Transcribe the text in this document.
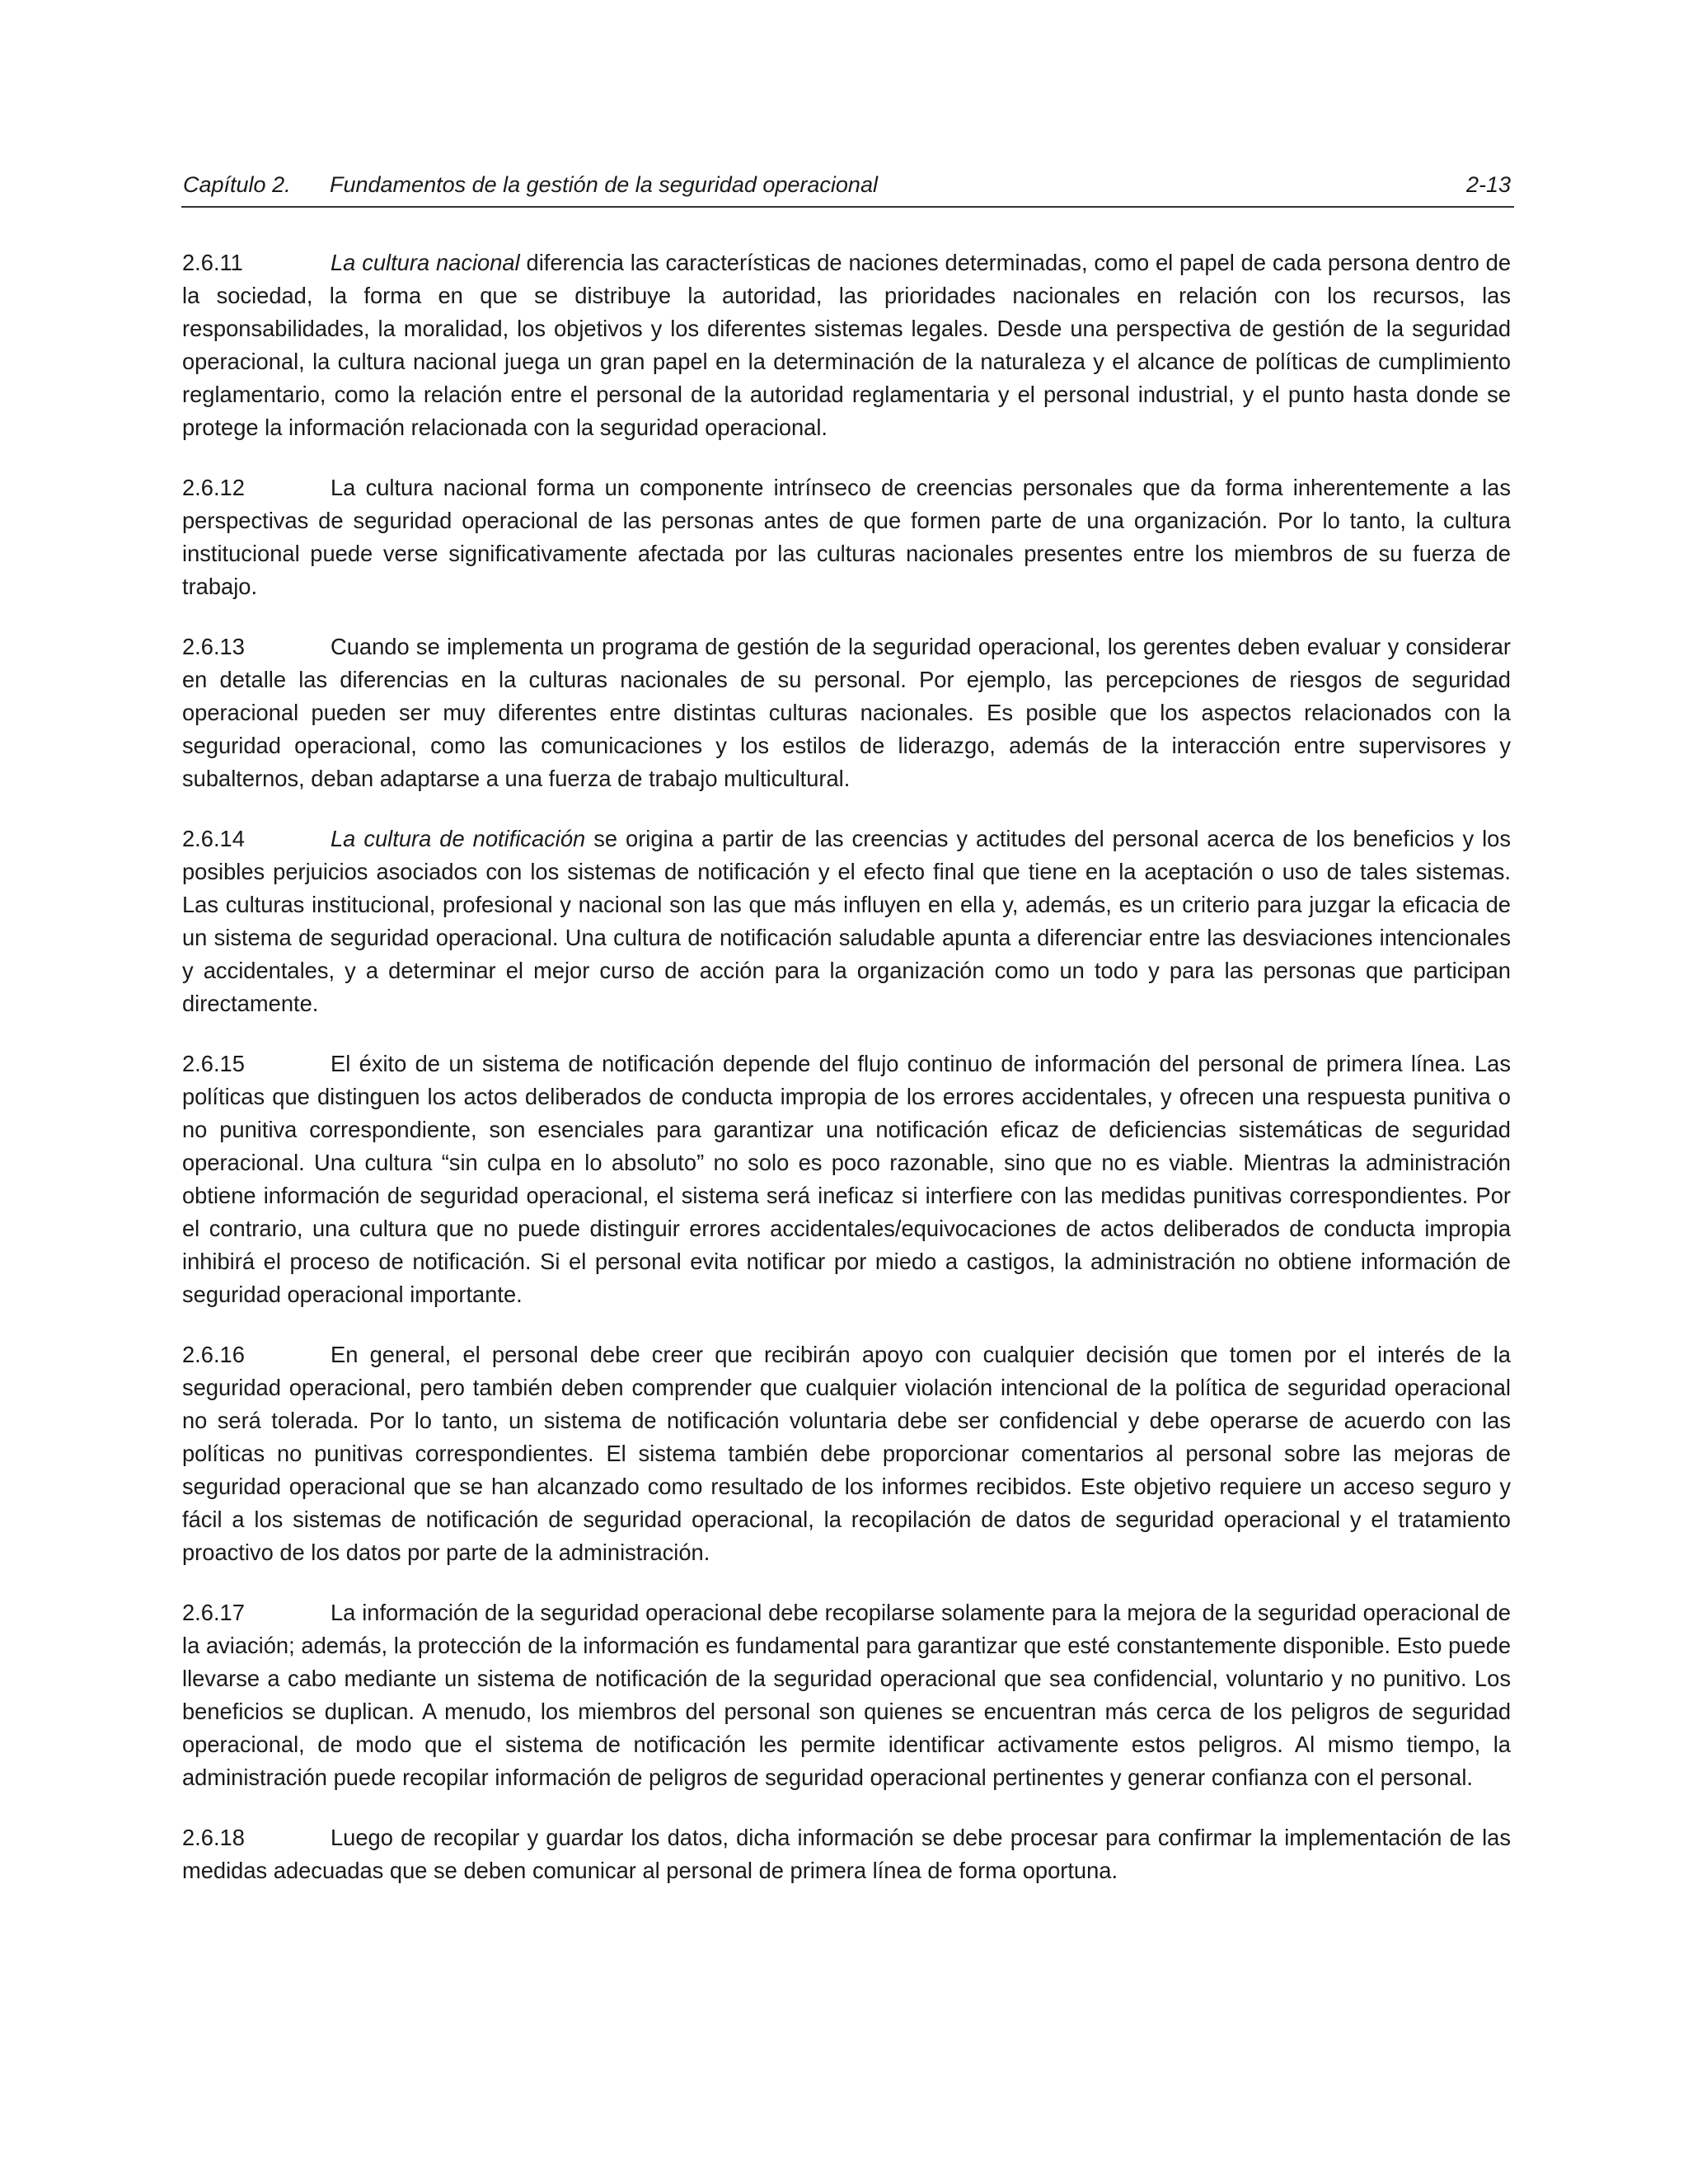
Capítulo 2. Fundamentos de la gestión de la seguridad operacional	2-13

2.6.11	La cultura nacional diferencia las características de naciones determinadas, como el papel de cada persona dentro de la sociedad, la forma en que se distribuye la autoridad, las prioridades nacionales en relación con los recursos, las responsabilidades, la moralidad, los objetivos y los diferentes sistemas legales. Desde una perspectiva de gestión de la seguridad operacional, la cultura nacional juega un gran papel en la determinación de la naturaleza y el alcance de políticas de cumplimiento reglamentario, como la relación entre el personal de la autoridad reglamentaria y el personal industrial, y el punto hasta donde se protege la información relacionada con la seguridad operacional.

2.6.12	La cultura nacional forma un componente intrínseco de creencias personales que da forma inherentemente a las perspectivas de seguridad operacional de las personas antes de que formen parte de una organización. Por lo tanto, la cultura institucional puede verse significativamente afectada por las culturas nacionales presentes entre los miembros de su fuerza de trabajo.

2.6.13	Cuando se implementa un programa de gestión de la seguridad operacional, los gerentes deben evaluar y considerar en detalle las diferencias en la culturas nacionales de su personal. Por ejemplo, las percepciones de riesgos de seguridad operacional pueden ser muy diferentes entre distintas culturas nacionales. Es posible que los aspectos relacionados con la seguridad operacional, como las comunicaciones y los estilos de liderazgo, además de la interacción entre supervisores y subalternos, deban adaptarse a una fuerza de trabajo multicultural.

2.6.14	La cultura de notificación se origina a partir de las creencias y actitudes del personal acerca de los beneficios y los posibles perjuicios asociados con los sistemas de notificación y el efecto final que tiene en la aceptación o uso de tales sistemas. Las culturas institucional, profesional y nacional son las que más influyen en ella y, además, es un criterio para juzgar la eficacia de un sistema de seguridad operacional. Una cultura de notificación saludable apunta a diferenciar entre las desviaciones intencionales y accidentales, y a determinar el mejor curso de acción para la organización como un todo y para las personas que participan directamente.

2.6.15	El éxito de un sistema de notificación depende del flujo continuo de información del personal de primera línea. Las políticas que distinguen los actos deliberados de conducta impropia de los errores accidentales, y ofrecen una respuesta punitiva o no punitiva correspondiente, son esenciales para garantizar una notificación eficaz de deficiencias sistemáticas de seguridad operacional. Una cultura “sin culpa en lo absoluto” no solo es poco razonable, sino que no es viable. Mientras la administración obtiene información de seguridad operacional, el sistema será ineficaz si interfiere con las medidas punitivas correspondientes. Por el contrario, una cultura que no puede distinguir errores accidentales/equivocaciones de actos deliberados de conducta impropia inhibirá el proceso de notificación. Si el personal evita notificar por miedo a castigos, la administración no obtiene información de seguridad operacional importante.

2.6.16	En general, el personal debe creer que recibirán apoyo con cualquier decisión que tomen por el interés de la seguridad operacional, pero también deben comprender que cualquier violación intencional de la política de seguridad operacional no será tolerada. Por lo tanto, un sistema de notificación voluntaria debe ser confidencial y debe operarse de acuerdo con las políticas no punitivas correspondientes. El sistema también debe proporcionar comentarios al personal sobre las mejoras de seguridad operacional que se han alcanzado como resultado de los informes recibidos. Este objetivo requiere un acceso seguro y fácil a los sistemas de notificación de seguridad operacional, la recopilación de datos de seguridad operacional y el tratamiento proactivo de los datos por parte de la administración.

2.6.17	La información de la seguridad operacional debe recopilarse solamente para la mejora de la seguridad operacional de la aviación; además, la protección de la información es fundamental para garantizar que esté constantemente disponible. Esto puede llevarse a cabo mediante un sistema de notificación de la seguridad operacional que sea confidencial, voluntario y no punitivo. Los beneficios se duplican. A menudo, los miembros del personal son quienes se encuentran más cerca de los peligros de seguridad operacional, de modo que el sistema de notificación les permite identificar activamente estos peligros. Al mismo tiempo, la administración puede recopilar información de peligros de seguridad operacional pertinentes y generar confianza con el personal.

2.6.18	Luego de recopilar y guardar los datos, dicha información se debe procesar para confirmar la implementación de las medidas adecuadas que se deben comunicar al personal de primera línea de forma oportuna.
